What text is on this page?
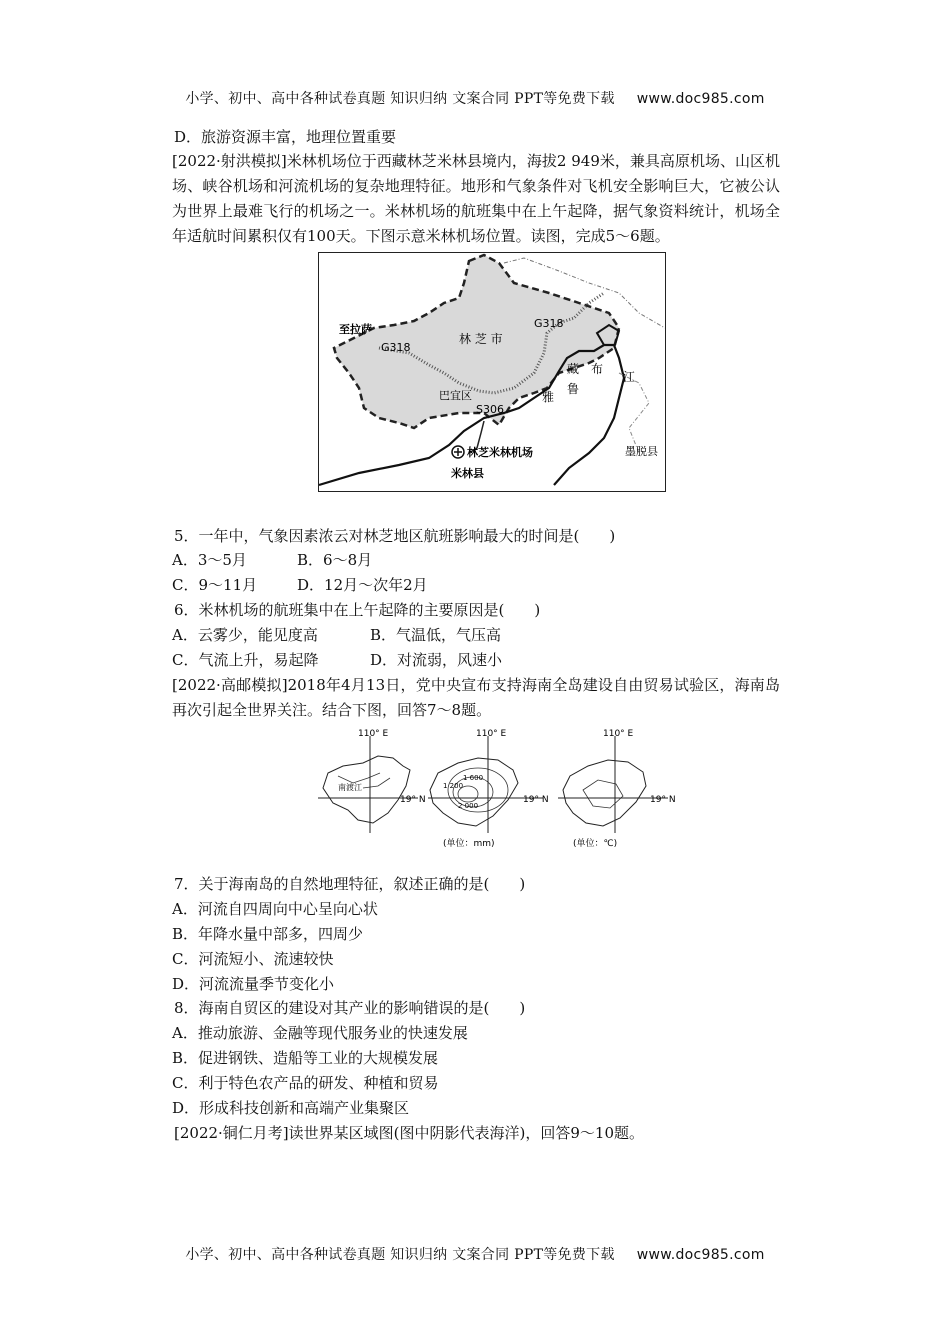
小学、初中、高中各种试卷真题 知识归纳 文案合同 PPT等免费下载 www.doc985.com
D．旅游资源丰富，地理位置重要
[2022·射洪模拟]米林机场位于西藏林芝米林县境内，海拔2 949米，兼具高原机场、山区机场、峡谷机场和河流机场的复杂地理特征。地形和气象条件对飞机安全影响巨大，它被公认为世界上最难飞行的机场之一。米林机场的航班集中在上午起降，据气象资料统计，机场全年适航时间累积仅有100天。下图示意米林机场位置。读图，完成5～6题。
至拉萨
G318
G318
林 芝 市
藏 布
江
鲁
雅
巴宜区
S306
林芝米林机场
米林县
墨脱县
5．一年中，气象因素浓云对林芝地区航班影响最大的时间是(　　)
A．3～5月	B．6～8月
C．9～11月	D．12月～次年2月
6．米林机场的航班集中在上午起降的主要原因是(　　)
A．云雾少，能见度高	B．气温低，气压高
C．气流上升，易起降	D．对流弱，风速小
[2022·高邮模拟]2018年4月13日，党中央宣布支持海南全岛建设自由贸易试验区，海南岛再次引起全世界关注。结合下图，回答7～8题。
110° E
19° N
南渡江
110° E
19° N
1 600
2 000
1 200
(单位：mm)
110° E
19° N
(单位：℃)
7．关于海南岛的自然地理特征，叙述正确的是(　　)
A．河流自四周向中心呈向心状
B．年降水量中部多，四周少
C．河流短小、流速较快
D．河流流量季节变化小
8．海南自贸区的建设对其产业的影响错误的是(　　)
A．推动旅游、金融等现代服务业的快速发展
B．促进钢铁、造船等工业的大规模发展
C．利于特色农产品的研发、种植和贸易
D．形成科技创新和高端产业集聚区
[2022·铜仁月考]读世界某区域图(图中阴影代表海洋)，回答9～10题。
小学、初中、高中各种试卷真题 知识归纳 文案合同 PPT等免费下载 www.doc985.com
